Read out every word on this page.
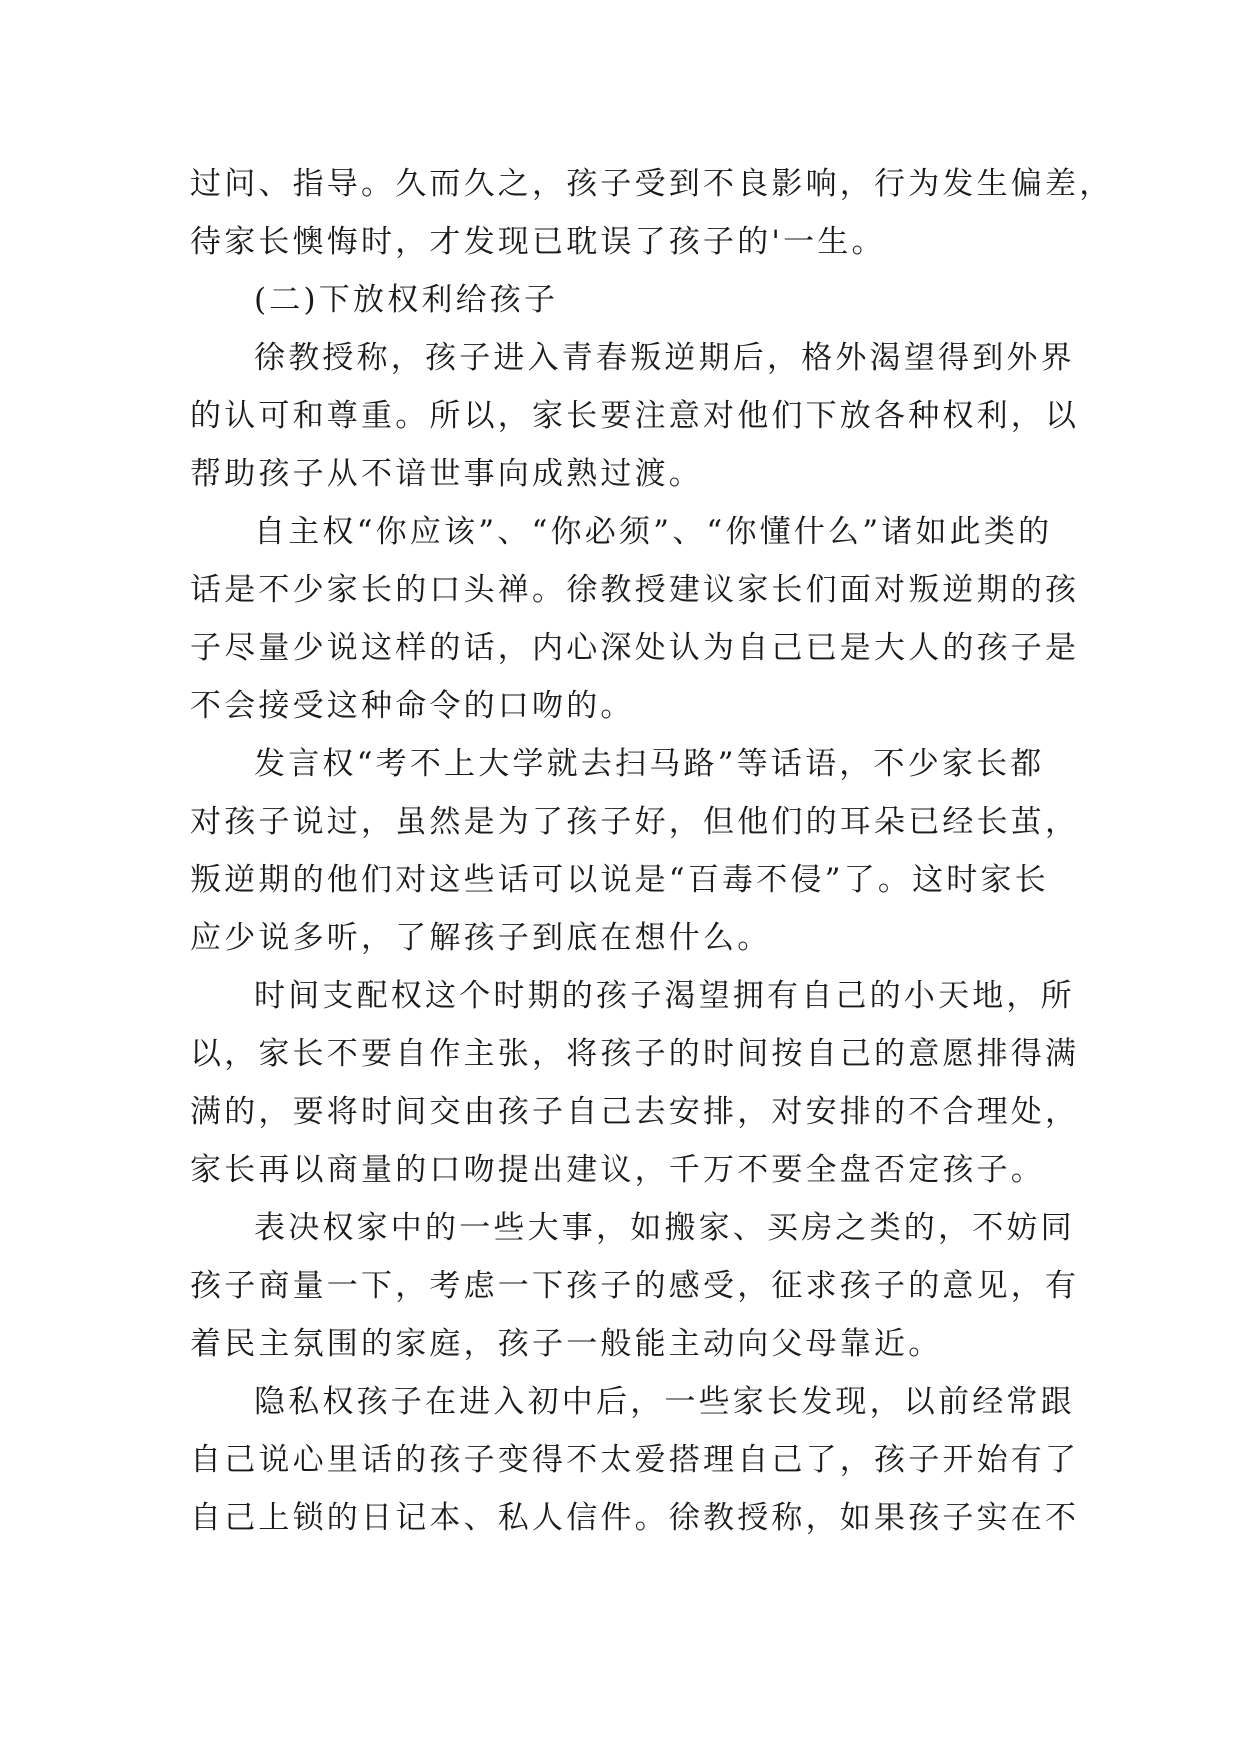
过问、指导。久而久之，孩子受到不良影响，行为发生偏差，
待家长懊悔时，才发现已耽误了孩子的'一生。
(二)下放权利给孩子
徐教授称，孩子进入青春叛逆期后，格外渴望得到外界
的认可和尊重。所以，家长要注意对他们下放各种权利，以
帮助孩子从不谙世事向成熟过渡。
自主权“你应该”、“你必须”、“你懂什么”诸如此类的
话是不少家长的口头禅。徐教授建议家长们面对叛逆期的孩
子尽量少说这样的话，内心深处认为自己已是大人的孩子是
不会接受这种命令的口吻的。
发言权“考不上大学就去扫马路”等话语，不少家长都
对孩子说过，虽然是为了孩子好，但他们的耳朵已经长茧，
叛逆期的他们对这些话可以说是“百毒不侵”了。这时家长
应少说多听，了解孩子到底在想什么。
时间支配权这个时期的孩子渴望拥有自己的小天地，所
以，家长不要自作主张，将孩子的时间按自己的意愿排得满
满的，要将时间交由孩子自己去安排，对安排的不合理处，
家长再以商量的口吻提出建议，千万不要全盘否定孩子。
表决权家中的一些大事，如搬家、买房之类的，不妨同
孩子商量一下，考虑一下孩子的感受，征求孩子的意见，有
着民主氛围的家庭，孩子一般能主动向父母靠近。
隐私权孩子在进入初中后，一些家长发现，以前经常跟
自己说心里话的孩子变得不太爱搭理自己了，孩子开始有了
自己上锁的日记本、私人信件。徐教授称，如果孩子实在不
